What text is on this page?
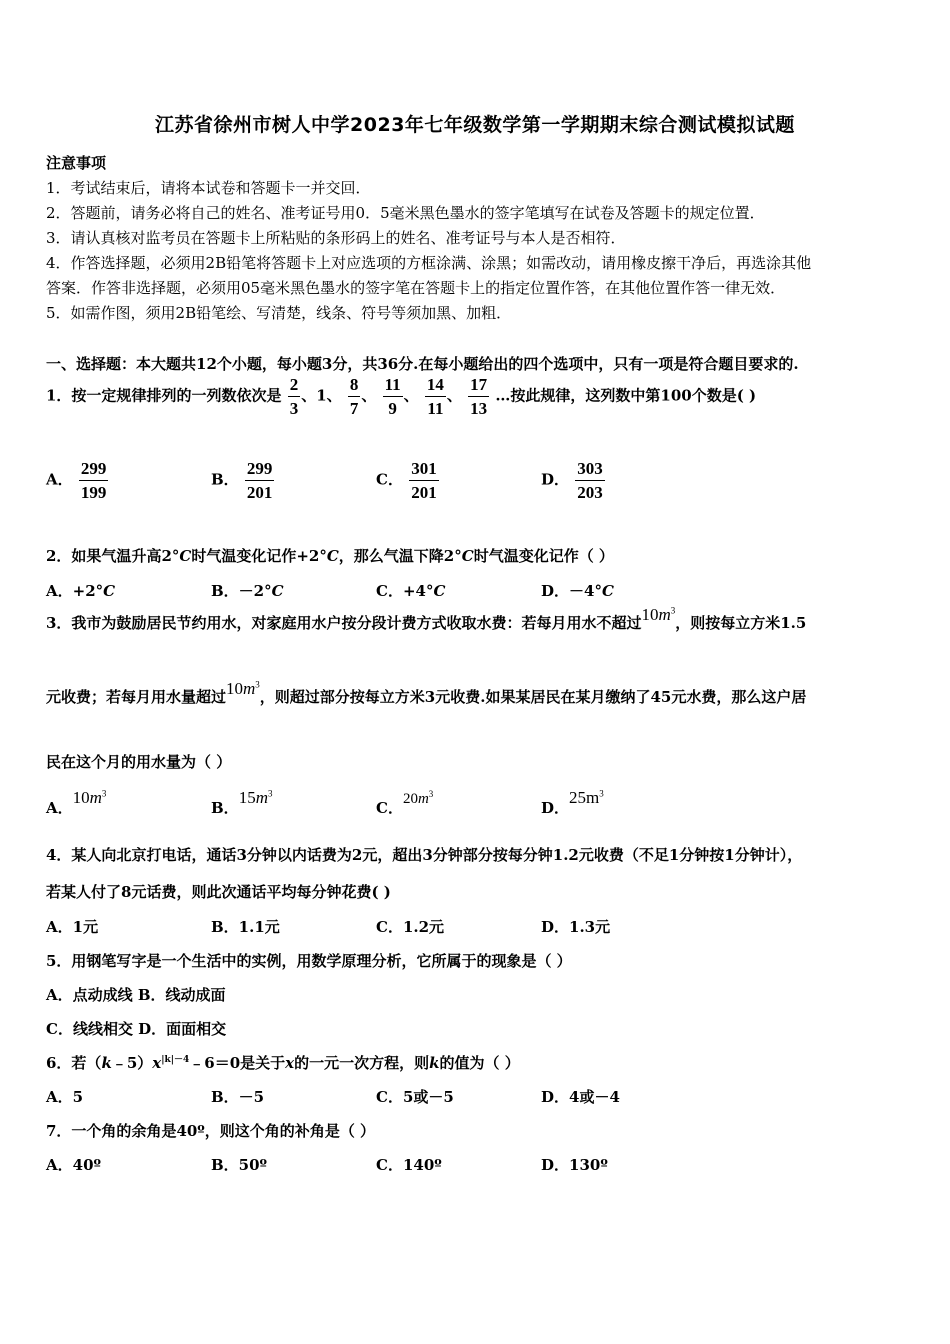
江苏省徐州市树人中学2023年七年级数学第一学期期末综合测试模拟试题
注意事项
1．考试结束后，请将本试卷和答题卡一并交回．
2．答题前，请务必将自己的姓名、准考证号用0．5毫米黑色墨水的签字笔填写在试卷及答题卡的规定位置．
3．请认真核对监考员在答题卡上所粘贴的条形码上的姓名、准考证号与本人是否相符．
4．作答选择题，必须用2B铅笔将答题卡上对应选项的方框涂满、涂黑；如需改动，请用橡皮擦干净后，再选涂其他
答案．作答非选择题，必须用05毫米黑色墨水的签字笔在答题卡上的指定位置作答，在其他位置作答一律无效．
5．如需作图，须用2B铅笔绘、写清楚，线条、符号等须加黑、加粗．
一、选择题：本大题共12个小题，每小题3分，共36分.在每小题给出的四个选项中，只有一项是符合题目要求的.
1．按一定规律排列的一列数依次是 $\frac{2}{3}$ 、1、 $\frac{8}{7}$ 、 $\frac{11}{9}$ 、 $\frac{14}{11}$ 、 $\frac{17}{13}$ …按此规律，这列数中第100个数是( )
A． $\frac{299}{199}$	B． $\frac{299}{201}$	C． $\frac{301}{201}$	D． $\frac{303}{203}$
2．如果气温升高2°C时气温变化记作+2°C，那么气温下降2°C时气温变化记作（ ）
A．+2°C	B．－2°C	C．+4°C	D．－4°C
3．我市为鼓励居民节约用水，对家庭用水户按分段计费方式收取水费：若每月用水不超过$10m^3$，则按每立方米1.5
元收费；若每月用水量超过$10m^3$，则超过部分按每立方米3元收费.如果某居民在某月缴纳了45元水费，那么这户居
民在这个月的用水量为（ ）
A．$10m^3$
B．$15m^3$
C．$20m^3$
D．$25m^3$
4．某人向北京打电话，通话3分钟以内话费为2元，超出3分钟部分按每分钟1.2元收费（不足1分钟按1分钟计），
若某人付了8元话费，则此次通话平均每分钟花费( )
A．1元	B．1.1元	C．1.2元	D．1.3元
5．用钢笔写字是一个生活中的实例，用数学原理分析，它所属于的现象是（ ）
A．点动成线 B．线动成面
C．线线相交 D．面面相交
6．若$(k﹣5)x^{|k|-4}﹣6=0$是关于x的一元一次方程，则k的值为（ ）
A．5	B．－5	C．5或－5	D．4或－4
7．一个角的余角是40º，则这个角的补角是（ ）
A．40º	B．50º	C．140º	D．130º
